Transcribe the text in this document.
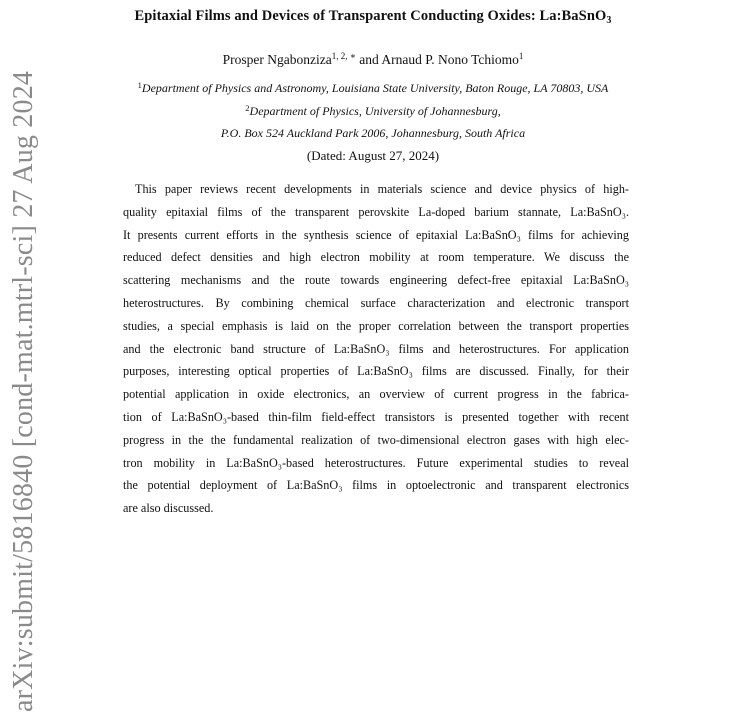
arXiv:submit/5816840 [cond-mat.mtrl-sci] 27 Aug 2024
Epitaxial Films and Devices of Transparent Conducting Oxides: La:BaSnO$_3$
Prosper Ngabonziza$^{1, 2, ∗}$ and Arnaud P. Nono Tchiomo$^1$
$^1$Department of Physics and Astronomy, Louisiana State University, Baton Rouge, LA 70803, USA
$^2$Department of Physics, University of Johannesburg,
P.O. Box 524 Auckland Park 2006, Johannesburg, South Africa
(Dated: August 27, 2024)
This paper reviews recent developments in materials science and device physics of high-
quality epitaxial films of the transparent perovskite La-doped barium stannate, La:BaSnO₃.
It presents current efforts in the synthesis science of epitaxial La:BaSnO₃ films for achieving
reduced defect densities and high electron mobility at room temperature. We discuss the
scattering mechanisms and the route towards engineering defect-free epitaxial La:BaSnO₃
heterostructures. By combining chemical surface characterization and electronic transport
studies, a special emphasis is laid on the proper correlation between the transport properties
and the electronic band structure of La:BaSnO₃ films and heterostructures. For application
purposes, interesting optical properties of La:BaSnO₃ films are discussed. Finally, for their
potential application in oxide electronics, an overview of current progress in the fabrica-
tion of La:BaSnO₃-based thin-film field-effect transistors is presented together with recent
progress in the the fundamental realization of two-dimensional electron gases with high elec-
tron mobility in La:BaSnO₃-based heterostructures. Future experimental studies to reveal
the potential deployment of La:BaSnO₃ films in optoelectronic and transparent electronics
are also discussed.
